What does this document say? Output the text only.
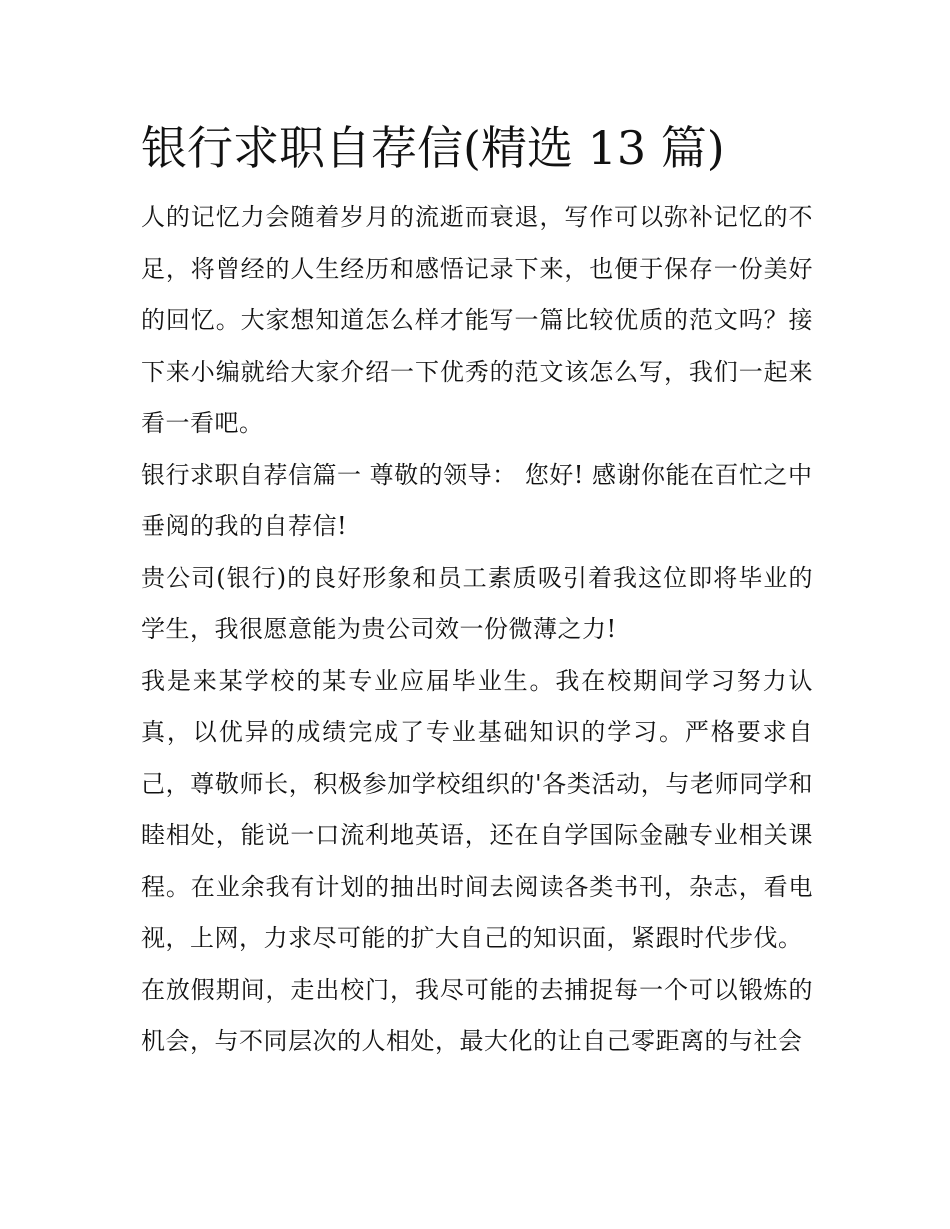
银行求职自荐信(精选 13 篇)

人的记忆力会随着岁月的流逝而衰退，写作可以弥补记忆的不足，将曾经的人生经历和感悟记录下来，也便于保存一份美好的回忆。大家想知道怎么样才能写一篇比较优质的范文吗？接下来小编就给大家介绍一下优秀的范文该怎么写，我们一起来看一看吧。

银行求职自荐信篇一 尊敬的领导： 您好! 感谢你能在百忙之中垂阅的我的自荐信!

贵公司(银行)的良好形象和员工素质吸引着我这位即将毕业的学生，我很愿意能为贵公司效一份微薄之力!

我是来某学校的某专业应届毕业生。我在校期间学习努力认真，以优异的成绩完成了专业基础知识的学习。严格要求自己，尊敬师长，积极参加学校组织的'各类活动，与老师同学和睦相处，能说一口流利地英语，还在自学国际金融专业相关课程。在业余我有计划的抽出时间去阅读各类书刊，杂志，看电视，上网，力求尽可能的扩大自己的知识面，紧跟时代步伐。

在放假期间，走出校门，我尽可能的去捕捉每一个可以锻炼的机会，与不同层次的人相处，最大化的让自己零距离的与社会
